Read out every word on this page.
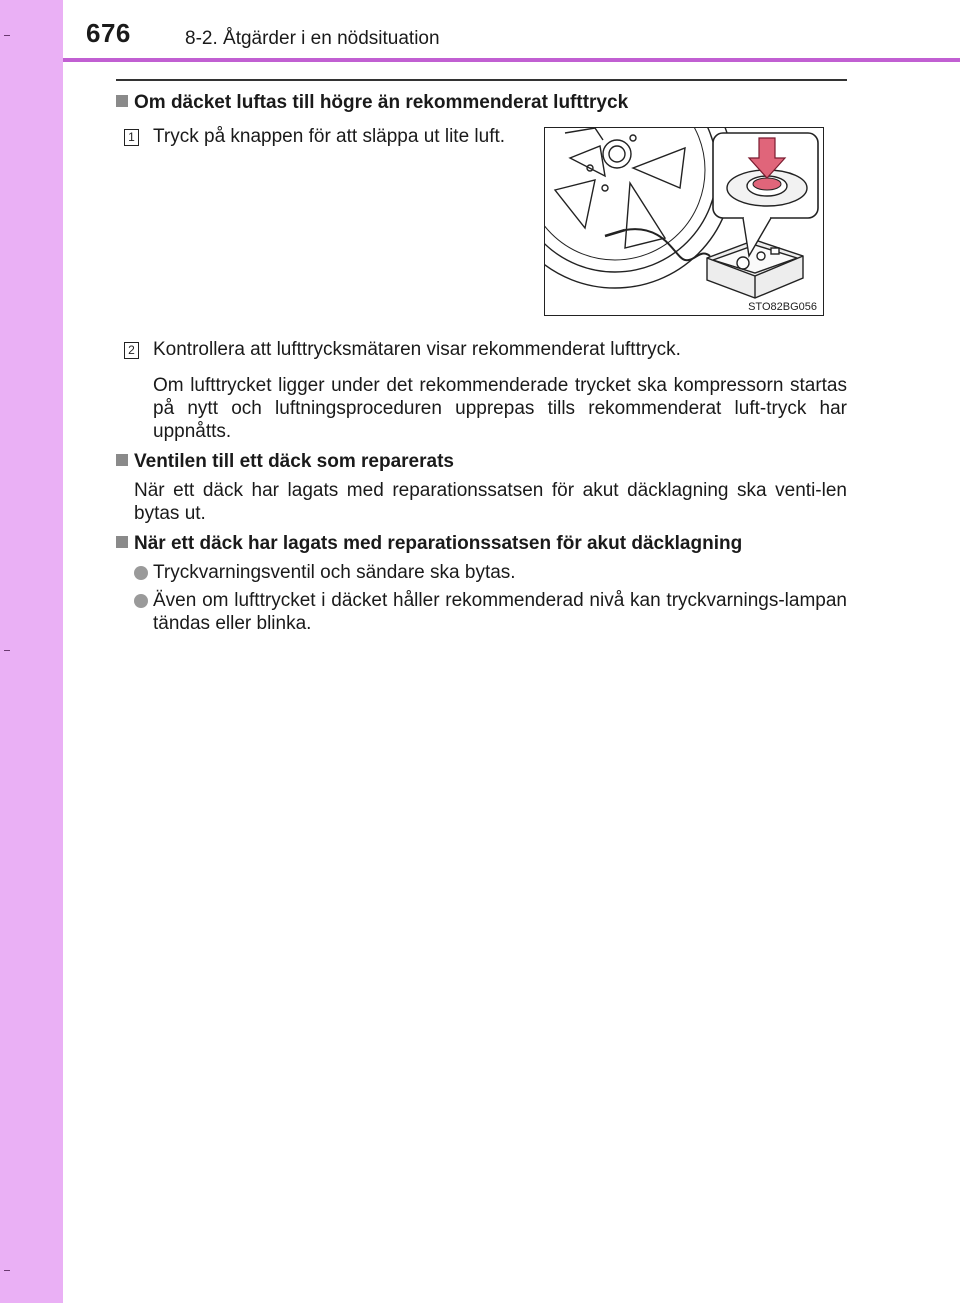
676	8-2. Åtgärder i en nödsituation
Om däcket luftas till högre än rekommenderat lufttryck
1 Tryck på knappen för att släppa ut lite luft.
STO82BG056
2 Kontrollera att lufttrycksmätaren visar rekommenderat lufttryck.
Om lufttrycket ligger under det rekommenderade trycket ska kompressorn startas på nytt och luftningsproceduren upprepas tills rekommenderat luft-tryck har uppnåtts.
Ventilen till ett däck som reparerats
När ett däck har lagats med reparationssatsen för akut däcklagning ska venti-len bytas ut.
När ett däck har lagats med reparationssatsen för akut däcklagning
Tryckvarningsventil och sändare ska bytas.
Även om lufttrycket i däcket håller rekommenderad nivå kan tryckvarnings-lampan tändas eller blinka.
